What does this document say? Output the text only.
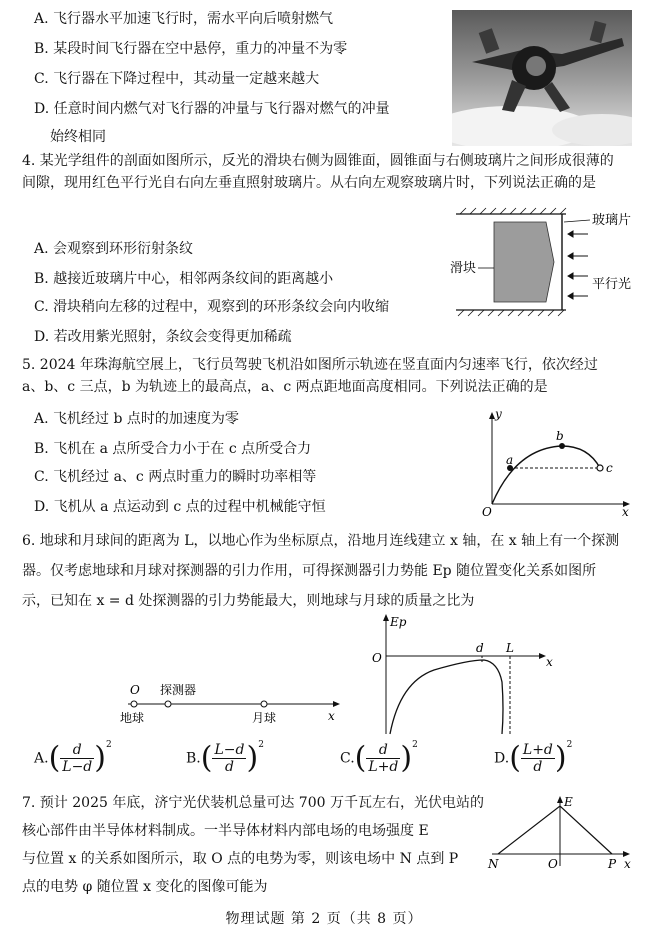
A. 飞行器水平加速飞行时，需水平向后喷射燃气
B. 某段时间飞行器在空中悬停，重力的冲量不为零
C. 飞行器在下降过程中，其动量一定越来越大
D. 任意时间内燃气对飞行器的冲量与飞行器对燃气的冲量
始终相同
4. 某光学组件的剖面如图所示，反光的滑块右侧为圆锥面，圆锥面与右侧玻璃片之间形成很薄的间隙，现用红色平行光自右向左垂直照射玻璃片。从右向左观察玻璃片时，下列说法正确的是
A. 会观察到环形衍射条纹
B. 越接近玻璃片中心，相邻两条纹间的距离越小
C. 滑块稍向左移的过程中，观察到的环形条纹会向内收缩
D. 若改用紫光照射，条纹会变得更加稀疏
玻璃片
滑块
平行光
5. 2024 年珠海航空展上，飞行员驾驶飞机沿如图所示轨迹在竖直面内匀速率飞行，依次经过 a、b、c 三点，b 为轨迹上的最高点，a、c 两点距地面高度相同。下列说法正确的是
A. 飞机经过 b 点时的加速度为零
B. 飞机在 a 点所受合力小于在 c 点所受合力
C. 飞机经过 a、c 两点时重力的瞬时功率相等
D. 飞机从 a 点运动到 c 点的过程中机械能守恒
y
O	x
a
b
c
6. 地球和月球间的距离为 L，以地心作为坐标原点，沿地月连线建立 x 轴，在 x 轴上有一个探测器。仅考虑地球和月球对探测器的引力作用，可得探测器引力势能 Ep 随位置变化关系如图所示，已知在 x = d 处探测器的引力势能最大，则地球与月球的质量之比为
O 探测器
地球	月球	x
Ep
O
d L
x
$A.( \frac{d}{L-d} )^2$
$B.( \frac{L-d}{d} )^2$
$C.( \frac{d}{L+d} )^2$
$D.( \frac{L+d}{d} )^2$
7. 预计 2025 年底，济宁光伏装机总量可达 700 万千瓦左右，光伏电站的
核心部件由半导体材料制成。一半导体材料内部电场的电场强度 E
与位置 x 的关系如图所示，取 O 点的电势为零，则该电场中 N 点到 P
点的电势 φ 随位置 x 变化的图像可能为
E
N	O	P x
物理试题 第 2 页（共 8 页）
